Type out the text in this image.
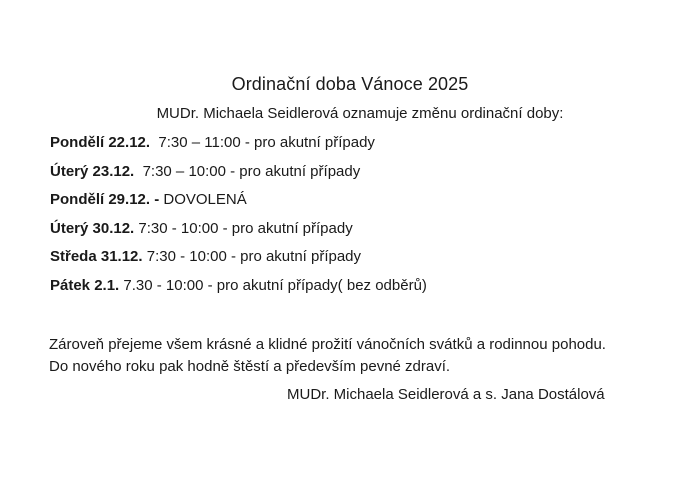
Ordinační doba Vánoce 2025
MUDr. Michaela Seidlerová oznamuje změnu ordinační doby:
Pondělí 22.12.  7:30 – 11:00 - pro akutní případy
Úterý 23.12.  7:30 – 10:00 - pro akutní případy
Pondělí 29.12. - DOVOLENÁ
Úterý 30.12. 7:30 - 10:00 - pro akutní případy
Středa 31.12. 7:30 - 10:00 - pro akutní případy
Pátek 2.1. 7.30 - 10:00 - pro akutní případy( bez odběrů)
Zároveň přejeme všem krásné a klidné prožití vánočních svátků a rodinnou pohodu.
Do nového roku pak hodně štěstí a především pevné zdraví.
MUDr. Michaela Seidlerová a s. Jana Dostálová
